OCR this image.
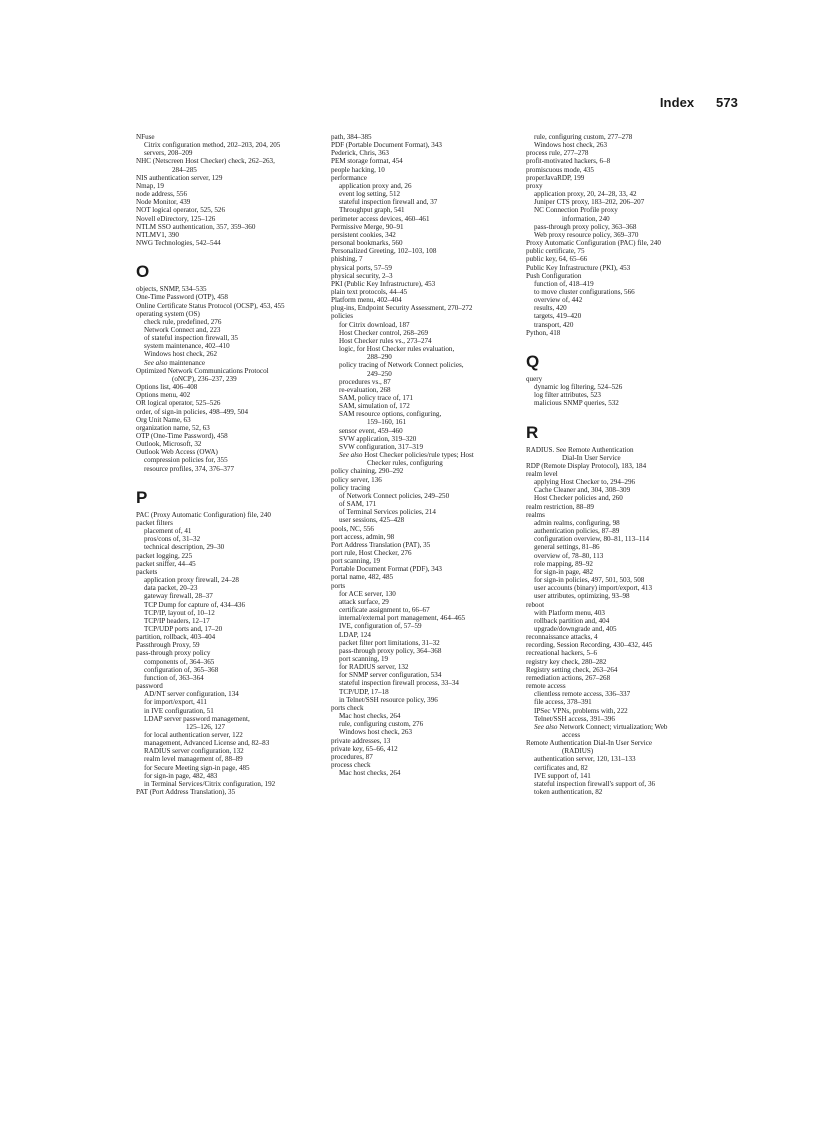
Index 573
NFuse
Citrix configuration method, 202–203, 204, 205
servers, 208–209
NHC (Netscreen Host Checker) check, 262–263,
284–285
NIS authentication server, 129
Nmap, 19
node address, 556
Node Monitor, 439
NOT logical operator, 525, 526
Novell eDirectory, 125–126
NTLM SSO authentication, 357, 359–360
NTLMV1, 390
NWG Technologies, 542–544
O
objects, SNMP, 534–535
One-Time Password (OTP), 458
Online Certificate Status Protocol (OCSP), 453, 455
operating system (OS)
check rule, predefined, 276
Network Connect and, 223
of stateful inspection firewall, 35
system maintenance, 402–410
Windows host check, 262
See also maintenance
Optimized Network Communications Protocol
(oNCP), 236–237, 239
Options list, 406–408
Options menu, 402
OR logical operator, 525–526
order, of sign-in policies, 498–499, 504
Org Unit Name, 63
organization name, 52, 63
OTP (One-Time Password), 458
Outlook, Microsoft, 32
Outlook Web Access (OWA)
compression policies for, 355
resource profiles, 374, 376–377
P
PAC (Proxy Automatic Configuration) file, 240
packet filters
placement of, 41
pros/cons of, 31–32
technical description, 29–30
packet logging, 225
packet sniffer, 44–45
packets
application proxy firewall, 24–28
data packet, 20–23
gateway firewall, 28–37
TCP Dump for capture of, 434–436
TCP/IP, layout of, 10–12
TCP/IP headers, 12–17
TCP/UDP ports and, 17–20
partition, rollback, 403–404
Passthrough Proxy, 59
pass-through proxy policy
components of, 364–365
configuration of, 365–368
function of, 363–364
password
AD/NT server configuration, 134
for import/export, 411
in IVE configuration, 51
LDAP server password management,
125–126, 127
for local authentication server, 122
management, Advanced License and, 82–83
RADIUS server configuration, 132
realm level management of, 88–89
for Secure Meeting sign-in page, 485
for sign-in page, 482, 483
in Terminal Services/Citrix configuration, 192
PAT (Port Address Translation), 35
path, 384–385
PDF (Portable Document Format), 343
Pederick, Chris, 363
PEM storage format, 454
people hacking, 10
performance
application proxy and, 26
event log setting, 512
stateful inspection firewall and, 37
Throughput graph, 541
perimeter access devices, 460–461
Permissive Merge, 90–91
persistent cookies, 342
personal bookmarks, 560
Personalized Greeting, 102–103, 108
phishing, 7
physical ports, 57–59
physical security, 2–3
PKI (Public Key Infrastructure), 453
plain text protocols, 44–45
Platform menu, 402–404
plug-ins, Endpoint Security Assessment, 270–272
policies
for Citrix download, 187
Host Checker control, 268–269
Host Checker rules vs., 273–274
logic, for Host Checker rules evaluation,
288–290
policy tracing of Network Connect policies,
249–250
procedures vs., 87
re-evaluation, 268
SAM, policy trace of, 171
SAM, simulation of, 172
SAM resource options, configuring,
159–160, 161
sensor event, 459–460
SVW application, 319–320
SVW configuration, 317–319
See also Host Checker policies/rule types; Host
Checker rules, configuring
policy chaining, 290–292
policy server, 136
policy tracing
of Network Connect policies, 249–250
of SAM, 171
of Terminal Services policies, 214
user sessions, 425–428
pools, NC, 556
port access, admin, 98
Port Address Translation (PAT), 35
port rule, Host Checker, 276
port scanning, 19
Portable Document Format (PDF), 343
portal name, 482, 485
ports
for ACE server, 130
attack surface, 29
certificate assignment to, 66–67
internal/external port management, 464–465
IVE, configuration of, 57–59
LDAP, 124
packet filter port limitations, 31–32
pass-through proxy policy, 364–368
port scanning, 19
for RADIUS server, 132
for SNMP server configuration, 534
stateful inspection firewall process, 33–34
TCP/UDP, 17–18
in Telnet/SSH resource policy, 396
ports check
Mac host checks, 264
rule, configuring custom, 276
Windows host check, 263
private addresses, 13
private key, 65–66, 412
procedures, 87
process check
Mac host checks, 264
rule, configuring custom, 277–278
Windows host check, 263
process rule, 277–278
profit-motivated hackers, 6–8
promiscuous mode, 435
properJavaRDP, 199
proxy
application proxy, 20, 24–28, 33, 42
Juniper CTS proxy, 183–202, 206–207
NC Connection Profile proxy
information, 240
pass-through proxy policy, 363–368
Web proxy resource policy, 369–370
Proxy Automatic Configuration (PAC) file, 240
public certificate, 75
public key, 64, 65–66
Public Key Infrastructure (PKI), 453
Push Configuration
function of, 418–419
to move cluster configurations, 566
overview of, 442
results, 420
targets, 419–420
transport, 420
Python, 418
Q
query
dynamic log filtering, 524–526
log filter attributes, 523
malicious SNMP queries, 532
R
RADIUS. See Remote Authentication
Dial-In User Service
RDP (Remote Display Protocol), 183, 184
realm level
applying Host Checker to, 294–296
Cache Cleaner and, 304, 308–309
Host Checker policies and, 260
realm restriction, 88–89
realms
admin realms, configuring, 98
authentication policies, 87–89
configuration overview, 80–81, 113–114
general settings, 81–86
overview of, 78–80, 113
role mapping, 89–92
for sign-in page, 482
for sign-in policies, 497, 501, 503, 508
user accounts (binary) import/export, 413
user attributes, optimizing, 93–98
reboot
with Platform menu, 403
rollback partition and, 404
upgrade/downgrade and, 405
reconnaissance attacks, 4
recording, Session Recording, 430–432, 445
recreational hackers, 5–6
registry key check, 280–282
Registry setting check, 263–264
remediation actions, 267–268
remote access
clientless remote access, 336–337
file access, 378–391
IPSec VPNs, problems with, 222
Telnet/SSH access, 391–396
See also Network Connect; virtualization; Web
access
Remote Authentication Dial-In User Service
(RADIUS)
authentication server, 120, 131–133
certificates and, 82
IVE support of, 141
stateful inspection firewall's support of, 36
token authentication, 82
